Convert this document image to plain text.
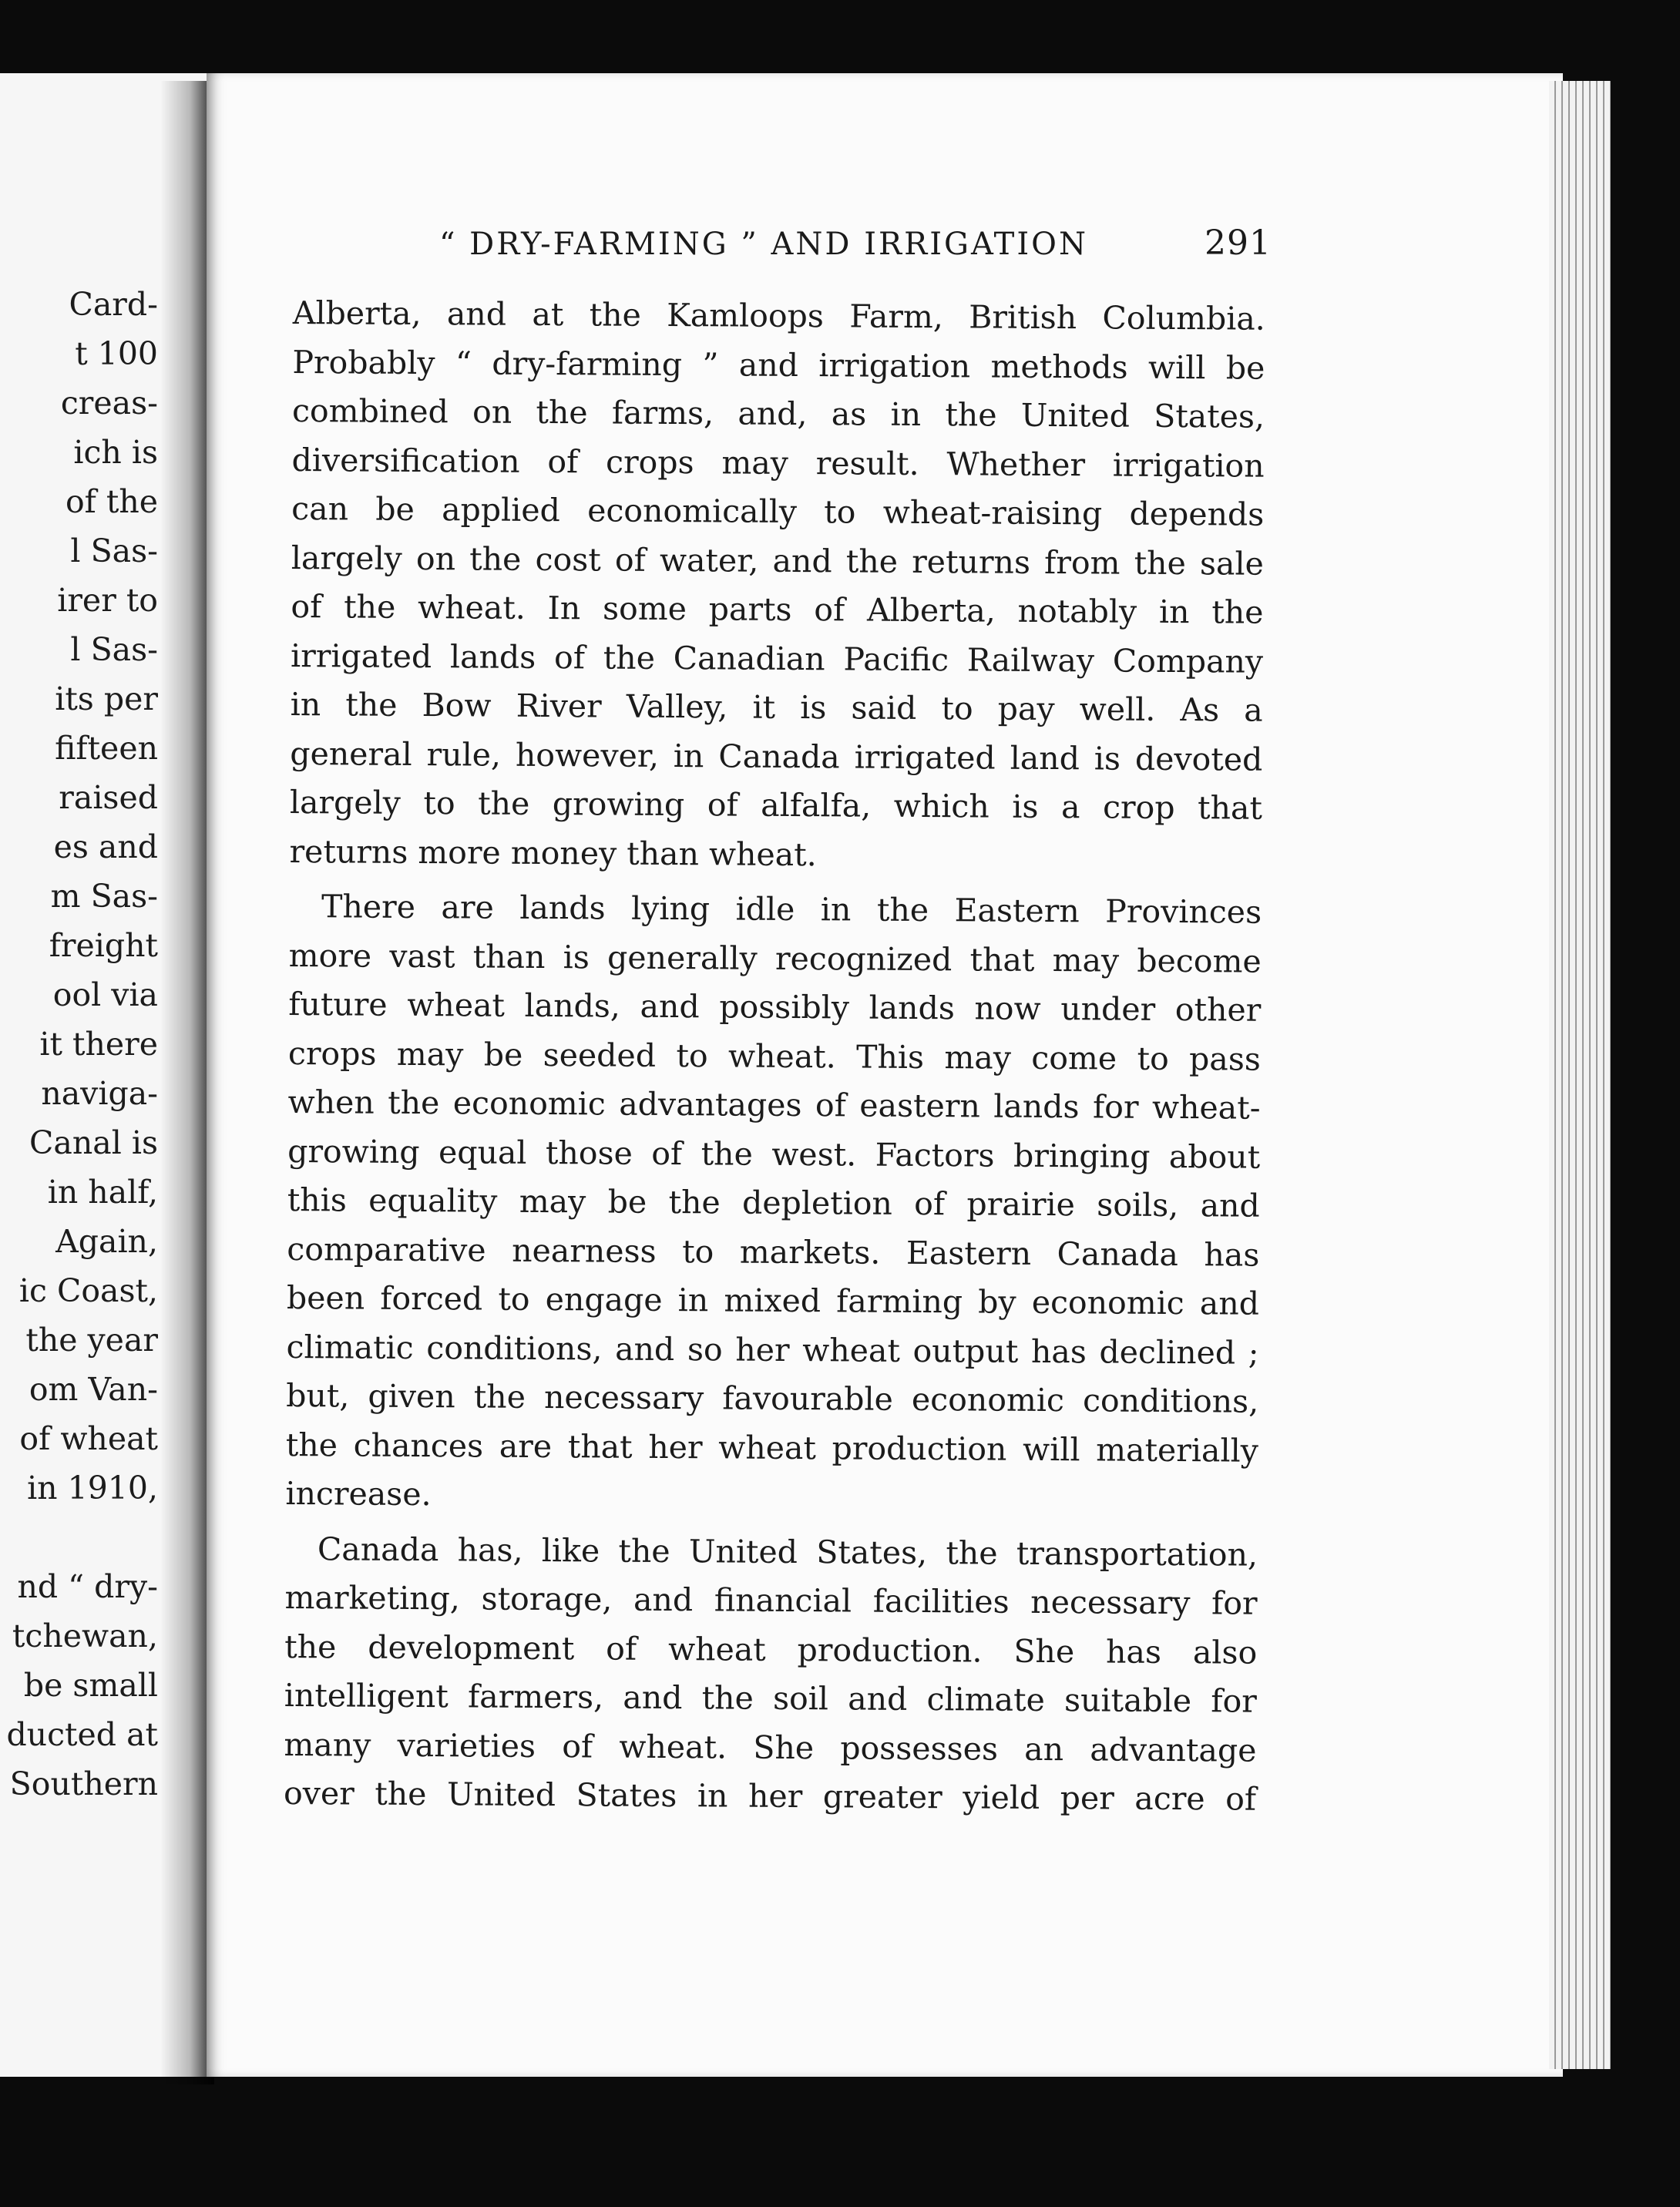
Card-
t 100
creas-
ich is
of the
l Sas-
irer to
l Sas-
its per
fifteen
raised
es and
m Sas-
freight
ool via
it there
naviga-
Canal is
in half,
Again,
ic Coast,
the year
om Van-
of wheat
in 1910,
nd “ dry-
tchewan,
be small
ducted at
Southern
“ DRY-FARMING ” AND IRRIGATION	291
Alberta, and at the Kamloops Farm, British Columbia.
Probably “ dry-farming ” and irrigation methods will be
combined on the farms, and, as in the United States,
diversification of crops may result. Whether irrigation
can be applied economically to wheat-raising depends
largely on the cost of water, and the returns from the sale
of the wheat. In some parts of Alberta, notably in the
irrigated lands of the Canadian Pacific Railway Company
in the Bow River Valley, it is said to pay well. As a
general rule, however, in Canada irrigated land is devoted
largely to the growing of alfalfa, which is a crop that
returns more money than wheat.
There are lands lying idle in the Eastern Provinces
more vast than is generally recognized that may become
future wheat lands, and possibly lands now under other
crops may be seeded to wheat. This may come to pass
when the economic advantages of eastern lands for wheat-
growing equal those of the west. Factors bringing about
this equality may be the depletion of prairie soils, and
comparative nearness to markets. Eastern Canada has
been forced to engage in mixed farming by economic and
climatic conditions, and so her wheat output has declined ;
but, given the necessary favourable economic conditions,
the chances are that her wheat production will materially
increase.
Canada has, like the United States, the transportation,
marketing, storage, and financial facilities necessary for
the development of wheat production. She has also
intelligent farmers, and the soil and climate suitable for
many varieties of wheat. She possesses an advantage
over the United States in her greater yield per acre of
